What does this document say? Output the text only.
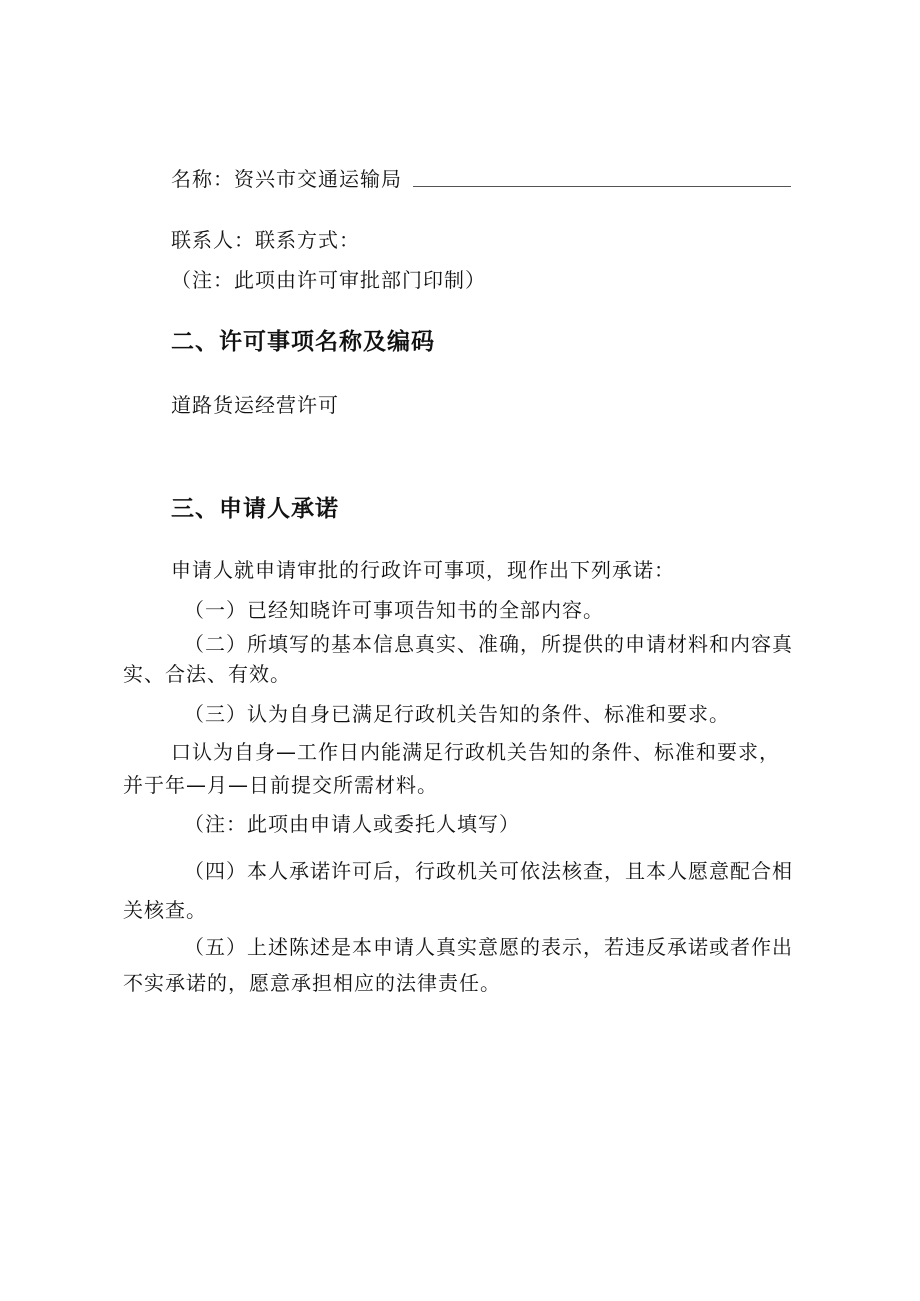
名称：资兴市交通运输局
联系人：联系方式：
（注：此项由许可审批部门印制）
二、许可事项名称及编码
道路货运经营许可
三、申请人承诺
申请人就申请审批的行政许可事项，现作出下列承诺：
（一）已经知晓许可事项告知书的全部内容。
（二）所填写的基本信息真实、准确，所提供的申请材料和内容真
实、合法、有效。
（三）认为自身已满足行政机关告知的条件、标准和要求。
口认为自身—工作日内能满足行政机关告知的条件、标准和要求，
并于年—月—日前提交所需材料。
（注：此项由申请人或委托人填写）
（四）本人承诺许可后，行政机关可依法核查，且本人愿意配合相
关核查。
（五）上述陈述是本申请人真实意愿的表示，若违反承诺或者作出
不实承诺的，愿意承担相应的法律责任。
